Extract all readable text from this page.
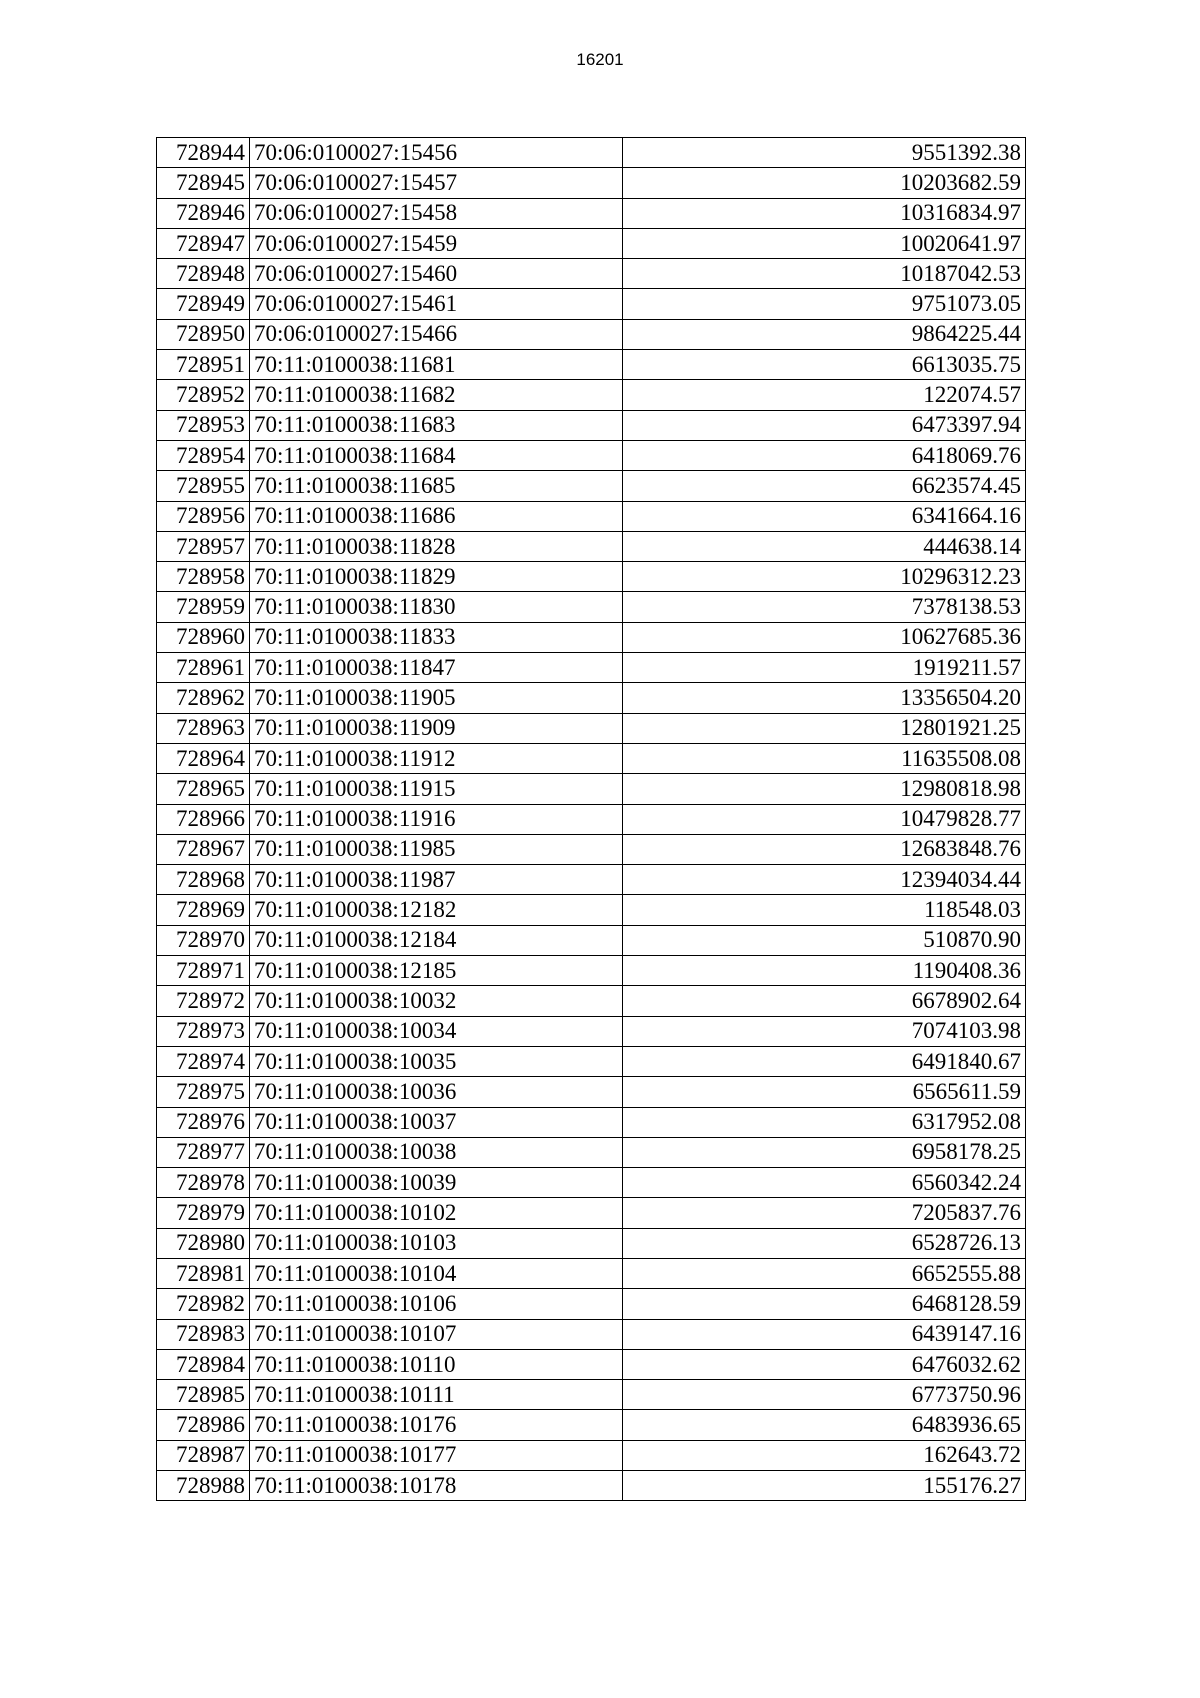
16201
728944	70:06:0100027:15456	9551392.38
728945	70:06:0100027:15457	10203682.59
728946	70:06:0100027:15458	10316834.97
728947	70:06:0100027:15459	10020641.97
728948	70:06:0100027:15460	10187042.53
728949	70:06:0100027:15461	9751073.05
728950	70:06:0100027:15466	9864225.44
728951	70:11:0100038:11681	6613035.75
728952	70:11:0100038:11682	122074.57
728953	70:11:0100038:11683	6473397.94
728954	70:11:0100038:11684	6418069.76
728955	70:11:0100038:11685	6623574.45
728956	70:11:0100038:11686	6341664.16
728957	70:11:0100038:11828	444638.14
728958	70:11:0100038:11829	10296312.23
728959	70:11:0100038:11830	7378138.53
728960	70:11:0100038:11833	10627685.36
728961	70:11:0100038:11847	1919211.57
728962	70:11:0100038:11905	13356504.20
728963	70:11:0100038:11909	12801921.25
728964	70:11:0100038:11912	11635508.08
728965	70:11:0100038:11915	12980818.98
728966	70:11:0100038:11916	10479828.77
728967	70:11:0100038:11985	12683848.76
728968	70:11:0100038:11987	12394034.44
728969	70:11:0100038:12182	118548.03
728970	70:11:0100038:12184	510870.90
728971	70:11:0100038:12185	1190408.36
728972	70:11:0100038:10032	6678902.64
728973	70:11:0100038:10034	7074103.98
728974	70:11:0100038:10035	6491840.67
728975	70:11:0100038:10036	6565611.59
728976	70:11:0100038:10037	6317952.08
728977	70:11:0100038:10038	6958178.25
728978	70:11:0100038:10039	6560342.24
728979	70:11:0100038:10102	7205837.76
728980	70:11:0100038:10103	6528726.13
728981	70:11:0100038:10104	6652555.88
728982	70:11:0100038:10106	6468128.59
728983	70:11:0100038:10107	6439147.16
728984	70:11:0100038:10110	6476032.62
728985	70:11:0100038:10111	6773750.96
728986	70:11:0100038:10176	6483936.65
728987	70:11:0100038:10177	162643.72
728988	70:11:0100038:10178	155176.27
